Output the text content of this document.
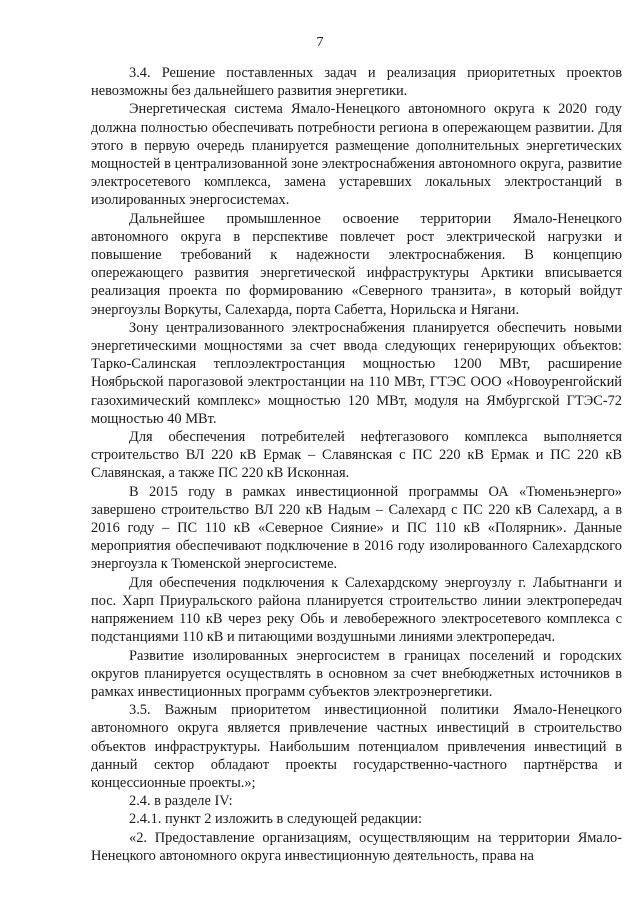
7

3.4. Решение поставленных задач и реализация приоритетных проектов невозможны без дальнейшего развития энергетики.

Энергетическая система Ямало-Ненецкого автономного округа к 2020 году должна полностью обеспечивать потребности региона в опережающем развитии. Для этого в первую очередь планируется размещение дополнительных энергетических мощностей в централизованной зоне электроснабжения автономного округа, развитие электросетевого комплекса, замена устаревших локальных электростанций в изолированных энергосистемах.

Дальнейшее промышленное освоение территории Ямало-Ненецкого автономного округа в перспективе повлечет рост электрической нагрузки и повышение требований к надежности электроснабжения. В концепцию опережающего развития энергетической инфраструктуры Арктики вписывается реализация проекта по формированию «Северного транзита», в который войдут энергоузлы Воркуты, Салехарда, порта Сабетта, Норильска и Нягани.

Зону централизованного электроснабжения планируется обеспечить новыми энергетическими мощностями за счет ввода следующих генерирующих объектов: Тарко-Салинская теплоэлектростанция мощностью 1200 МВт, расширение Ноябрьской парогазовой электростанции на 110 МВт, ГТЭС ООО «Новоуренгойский газохимический комплекс» мощностью 120 МВт, модуля на Ямбургской ГТЭС-72 мощностью 40 МВт.

Для обеспечения потребителей нефтегазового комплекса выполняется строительство ВЛ 220 кВ Ермак – Славянская с ПС 220 кВ Ермак и ПС 220 кВ Славянская, а также ПС 220 кВ Исконная.

В 2015 году в рамках инвестиционной программы ОА «Тюменьэнерго» завершено строительство ВЛ 220 кВ Надым – Салехард с ПС 220 кВ Салехард, а в 2016 году – ПС 110 кВ «Северное Сияние» и ПС 110 кВ «Полярник». Данные мероприятия обеспечивают подключение в 2016 году изолированного Салехардского энергоузла к Тюменской энергосистеме.

Для обеспечения подключения к Салехардскому энергоузлу г. Лабытнанги и пос. Харп Приуральского района планируется строительство линии электропередач напряжением 110 кВ через реку Обь и левобережного электросетевого комплекса с подстанциями 110 кВ и питающими воздушными линиями электропередач.

Развитие изолированных энергосистем в границах поселений и городских округов планируется осуществлять в основном за счет внебюджетных источников в рамках инвестиционных программ субъектов электроэнергетики.

3.5. Важным приоритетом инвестиционной политики Ямало-Ненецкого автономного округа является привлечение частных инвестиций в строительство объектов инфраструктуры. Наибольшим потенциалом привлечения инвестиций в данный сектор обладают проекты государственно-частного партнёрства и концессионные проекты.»;

2.4. в разделе IV:

2.4.1. пункт 2 изложить в следующей редакции:

«2. Предоставление организациям, осуществляющим на территории Ямало-Ненецкого автономного округа инвестиционную деятельность, права на
